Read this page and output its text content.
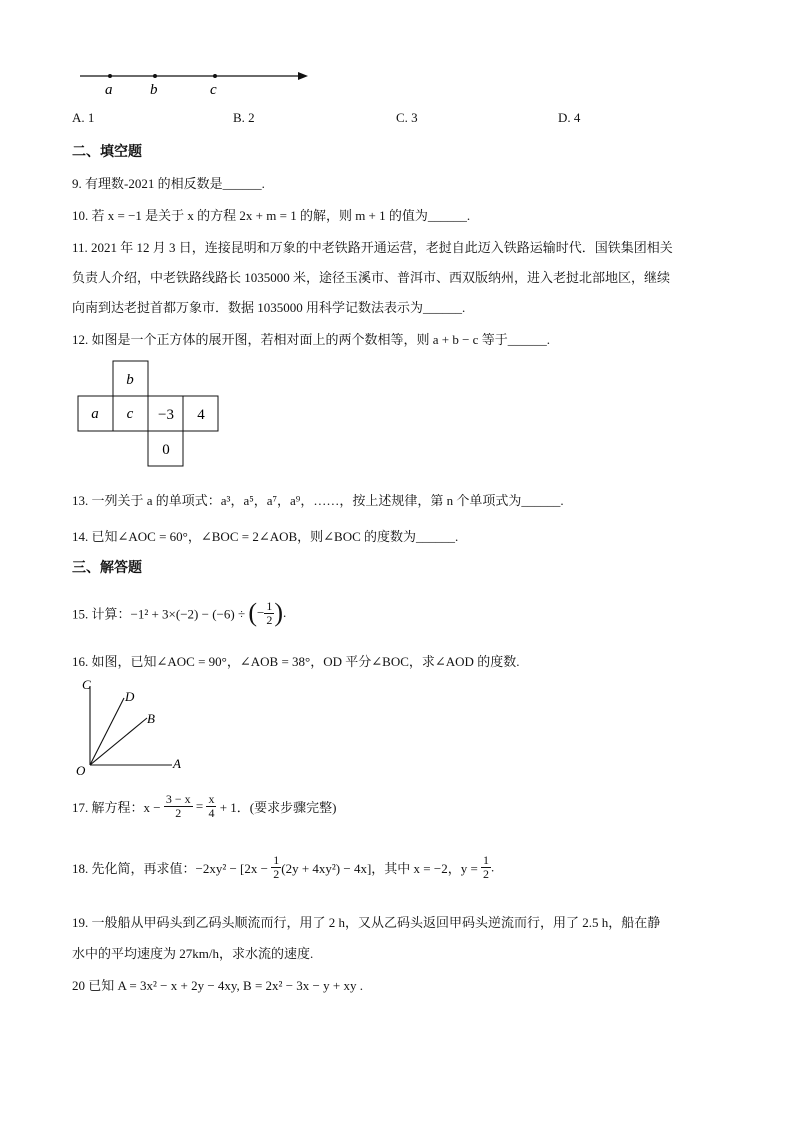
a	b	c
A. 1	B. 2	C. 3	D. 4
二、填空题
9. 有理数-2021 的相反数是______.
10. 若 x = −1 是关于 x 的方程 2x + m = 1 的解，则 m + 1 的值为______.
11. 2021 年 12 月 3 日，连接昆明和万象的中老铁路开通运营，老挝自此迈入铁路运输时代．国铁集团相关
负责人介绍，中老铁路线路长 1035000 米，途径玉溪市、普洱市、西双版纳州，进入老挝北部地区，继续
向南到达老挝首都万象市．数据 1035000 用科学记数法表示为______.
12. 如图是一个正方体的展开图，若相对面上的两个数相等，则 a + b − c 等于______.
b
a c −3 4
0
13. 一列关于 a 的单项式：a³，a⁵，a⁷，a⁹，……，按上述规律，第 n 个单项式为______.
14. 已知∠AOC = 60°，∠BOC = 2∠AOB，则∠BOC 的度数为______.
三、解答题
15. 计算：−1² + 3×(−2) − (−6) ÷ (− $\frac{1}{2}$ ).
16. 如图，已知∠AOC = 90°，∠AOB = 38°，OD 平分∠BOC，求∠AOD 的度数.
C
D
B
O	A
17. 解方程：$x - \frac{3 - x}{2} = \frac{x}{4} + 1$．(要求步骤完整)
18. 先化简，再求值：$-2xy^2 - [2x - \frac{1}{2} (2y + 4xy^2) - 4x]$，其中 x = −2，$y = \frac{1}{2}$ .
19. 一般船从甲码头到乙码头顺流而行，用了 2 h，又从乙码头返回甲码头逆流而行，用了 2.5 h，船在静
水中的平均速度为 27km/h，求水流的速度.
20 已知 A = 3x² − x + 2y − 4xy, B = 2x² − 3x − y + xy .
